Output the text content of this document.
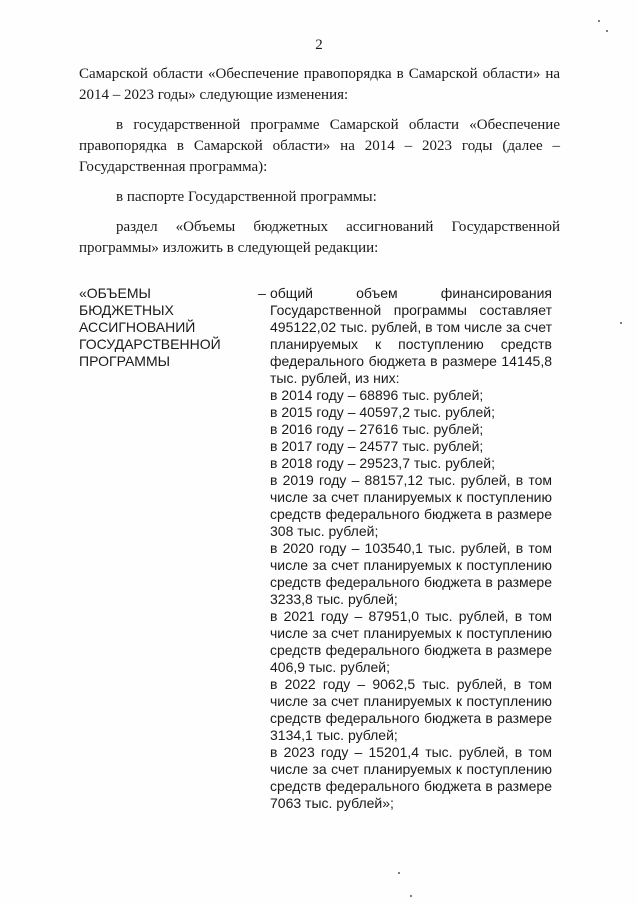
2

Самарской области «Обеспечение правопорядка в Самарской области» на 2014 – 2023 годы» следующие изменения:

в государственной программе Самарской области «Обеспечение правопорядка в Самарской области» на 2014 – 2023 годы (далее – Государственная программа):

в паспорте Государственной программы:

раздел «Объемы бюджетных ассигнований Государственной программы» изложить в следующей редакции:

«ОБЪЕМЫ
БЮДЖЕТНЫХ
АССИГНОВАНИЙ
ГОСУДАРСТВЕННОЙ
ПРОГРАММЫ
– общий объем финансирования
Государственной программы составляет
495122,02 тыс. рублей, в том числе за счет
планируемых к поступлению средств
федерального бюджета в размере 14145,8
тыс. рублей, из них:
в 2014 году – 68896 тыс. рублей;
в 2015 году – 40597,2 тыс. рублей;
в 2016 году – 27616 тыс. рублей;
в 2017 году – 24577 тыс. рублей;
в 2018 году – 29523,7 тыс. рублей;
в 2019 году – 88157,12 тыс. рублей, в том
числе за счет планируемых к поступлению
средств федерального бюджета в размере
308 тыс. рублей;
в 2020 году – 103540,1 тыс. рублей, в том
числе за счет планируемых к поступлению
средств федерального бюджета в размере
3233,8 тыс. рублей;
в 2021 году – 87951,0 тыс. рублей, в том
числе за счет планируемых к поступлению
средств федерального бюджета в размере
406,9 тыс. рублей;
в 2022 году – 9062,5 тыс. рублей, в том
числе за счет планируемых к поступлению
средств федерального бюджета в размере
3134,1 тыс. рублей;
в 2023 году – 15201,4 тыс. рублей, в том
числе за счет планируемых к поступлению
средств федерального бюджета в размере
7063 тыс. рублей»;
